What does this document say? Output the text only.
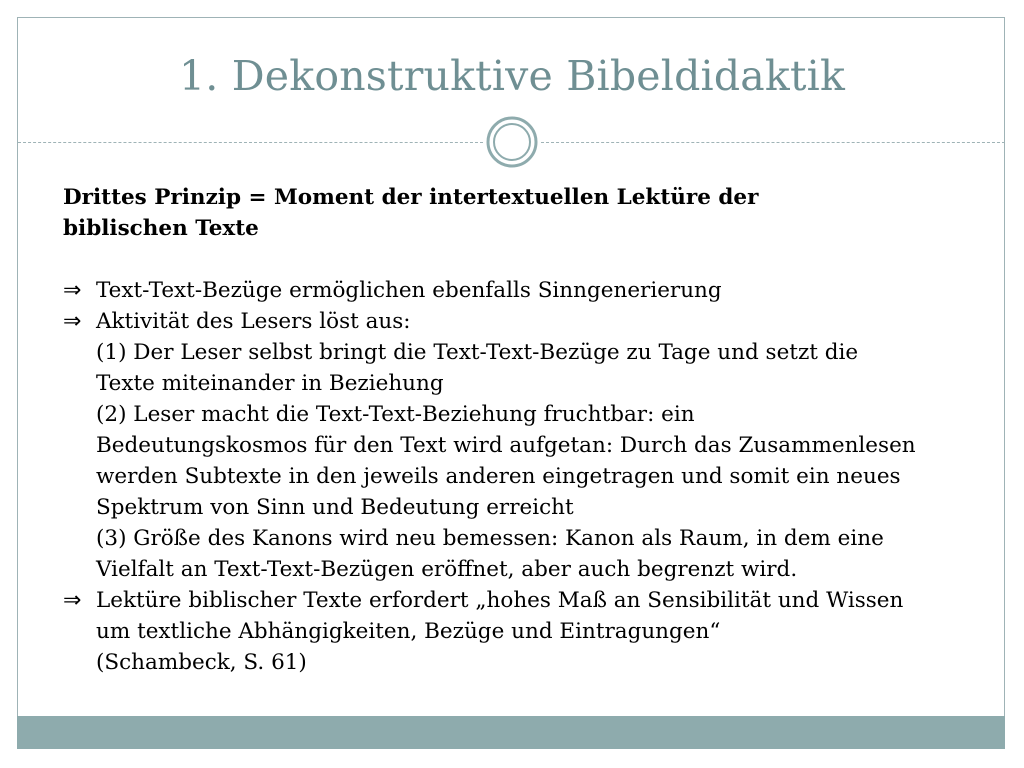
1. Dekonstruktive Bibeldidaktik
Drittes Prinzip = Moment der intertextuellen Lektüre der
biblischen Texte
⇒ Text-Text-Bezüge ermöglichen ebenfalls Sinngenerierung
⇒ Aktivität des Lesers löst aus:
(1) Der Leser selbst bringt die Text-Text-Bezüge zu Tage und setzt die
Texte miteinander in Beziehung
(2) Leser macht die Text-Text-Beziehung fruchtbar: ein
Bedeutungskosmos für den Text wird aufgetan: Durch das Zusammenlesen
werden Subtexte in den jeweils anderen eingetragen und somit ein neues
Spektrum von Sinn und Bedeutung erreicht
(3) Größe des Kanons wird neu bemessen: Kanon als Raum, in dem eine
Vielfalt an Text-Text-Bezügen eröffnet, aber auch begrenzt wird.
⇒ Lektüre biblischer Texte erfordert „hohes Maß an Sensibilität und Wissen
um textliche Abhängigkeiten, Bezüge und Eintragungen“
(Schambeck, S. 61)
